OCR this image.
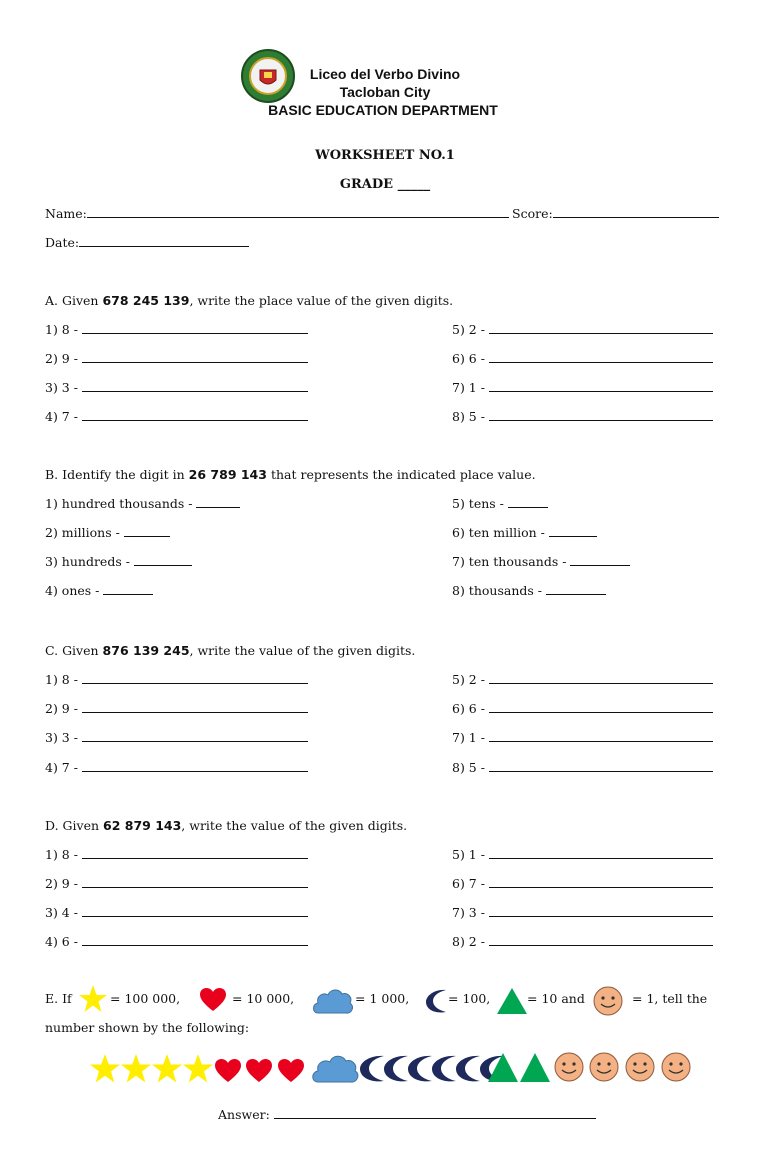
Liceo del Verbo Divino
Tacloban City
BASIC EDUCATION DEPARTMENT
WORKSHEET NO.1
GRADE _____
Name:	Score:
Date:
A. Given 678 245 139, write the place value of the given digits.
1) 8 -
2) 9 -
3) 3 -
4) 7 -
5) 2 -
6) 6 -
7) 1 -
8) 5 -
B. Identify the digit in 26 789 143 that represents the indicated place value.
1) hundred thousands -
2) millions -
3) hundreds -
4) ones -
5) tens -
6) ten million -
7) ten thousands -
8) thousands -
C. Given 876 139 245, write the value of the given digits.
1) 8 -
2) 9 -
3) 3 -
4) 7 -
5) 2 -
6) 6 -
7) 1 -
8) 5 -
D. Given 62 879 143, write the value of the given digits.
1) 8 -
2) 9 -
3) 4 -
4) 6 -
5) 1 -
6) 7 -
7) 3 -
8) 2 -
E. If	= 100 000,	= 10 000,	= 1 000,	= 100,	= 10 and	= 1, tell the
number shown by the following:
Answer:
